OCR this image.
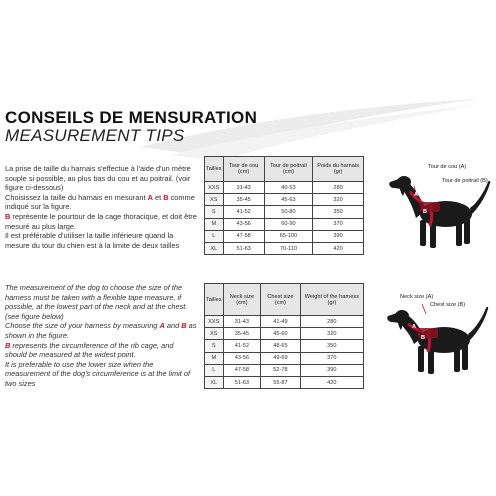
CONSEILS DE MENSURATION
MEASUREMENT TIPS
La prise de taille du harnais s'effectue à l'aide d'un mètre souple si possible, au plus bas du cou et au poitrail. (voir figure ci-dessous)
Choisissez la taille du harnais en mesurant A et B comme indiqué sur la figure.
B représente le pourtour de la cage thoracique, et doit être mesuré au plus large.
Il est préférable d'utiliser la taille inférieure quand la mesure du tour du chien est à la limite de deux tailles
The measurement of the dog to choose the size of the harness must be taken with a flexible tape measure, if possible, at the lowest part of the neck and at the chest. (see figure below)
Choose the size of your harness by measuring A and B as shown in the figure.
B represents the circumference of the rib cage, and should be measured at the widest point.
It is preferable to use the lower size when the measurement of the dog's circumference is at the limit of two sizes
Tailles	Tour de cou (cm)	Tour de poitrail (cm)	Poids du harnais (gr)
XXS	31-43	40-53	280
XS	35-45	45-63	320
S	41-52	50-80	350
M	43-56	60-90	370
L	47-58	65-100	390
XL	51-63	70-110	420
Tailles	Neck size (cm)	Chest size (cm)	Weight of the harness (gr)
XXS	31-43	41-49	280
XS	35-45	45-60	320
S	41-52	48-65	350
M	43-56	49-69	370
L	47-58	52-78	390
XL	51-63	55-87	420
Tour de cou (A)
Tour de poitrail (B)
A
B
Neck size (A)
Chest size (B)
A
B
